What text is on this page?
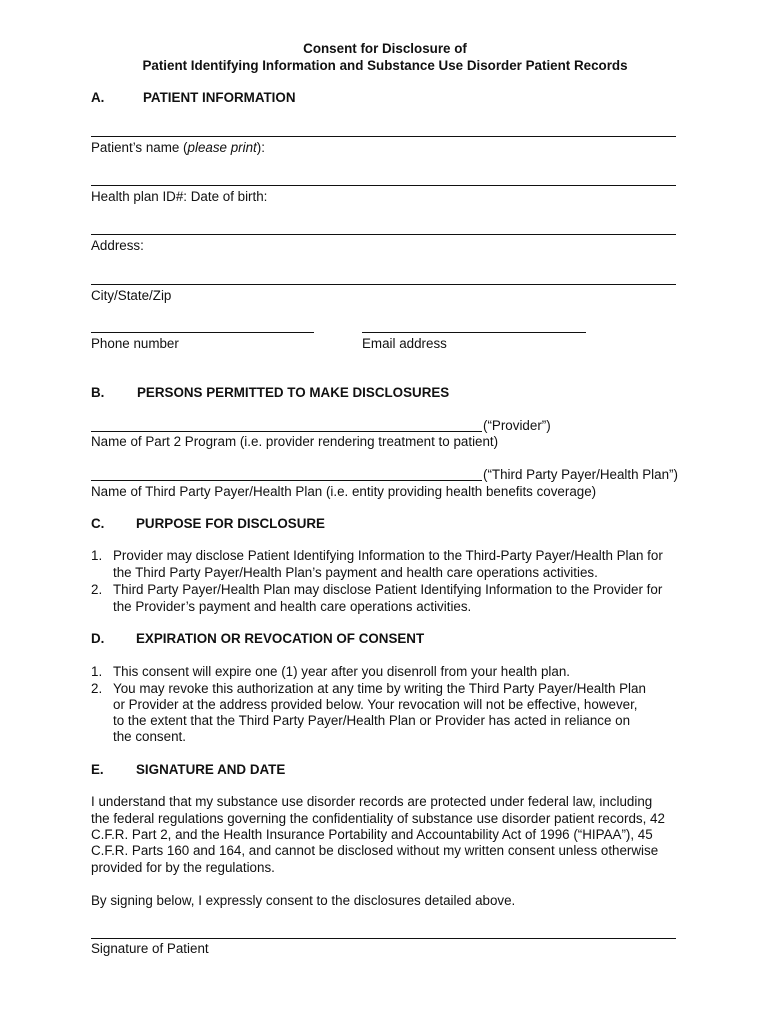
Consent for Disclosure of
Patient Identifying Information and Substance Use Disorder Patient Records
A.	PATIENT INFORMATION
Patient’s name (please print):
Health plan ID#: Date of birth:
Address:
City/State/Zip
Phone number	Email address
B. PERSONS PERMITTED TO MAKE DISCLOSURES
(“Provider”)
Name of Part 2 Program (i.e. provider rendering treatment to patient)
(“Third Party Payer/Health Plan”)
Name of Third Party Payer/Health Plan (i.e. entity providing health benefits coverage)
C. PURPOSE FOR DISCLOSURE
1. Provider may disclose Patient Identifying Information to the Third-Party Payer/Health Plan for
the Third Party Payer/Health Plan’s payment and health care operations activities.
2. Third Party Payer/Health Plan may disclose Patient Identifying Information to the Provider for
the Provider’s payment and health care operations activities.
D. EXPIRATION OR REVOCATION OF CONSENT
1. This consent will expire one (1) year after you disenroll from your health plan.
2. You may revoke this authorization at any time by writing the Third Party Payer/Health Plan
or Provider at the address provided below. Your revocation will not be effective, however,
to the extent that the Third Party Payer/Health Plan or Provider has acted in reliance on
the consent.
E. SIGNATURE AND DATE
I understand that my substance use disorder records are protected under federal law, including
the federal regulations governing the confidentiality of substance use disorder patient records, 42
C.F.R. Part 2, and the Health Insurance Portability and Accountability Act of 1996 (“HIPAA”), 45
C.F.R. Parts 160 and 164, and cannot be disclosed without my written consent unless otherwise
provided for by the regulations.
By signing below, I expressly consent to the disclosures detailed above.
Signature of Patient
